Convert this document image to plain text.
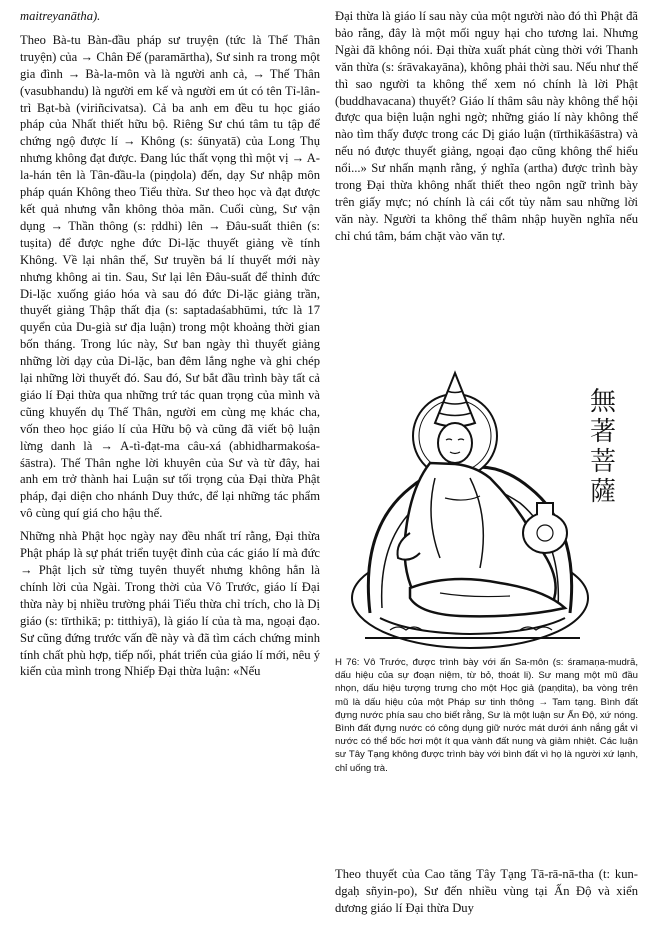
maitreyanātha).

Theo Bà-tu Bàn-đầu pháp sư truyện (tức là Thế Thân truyện) của → Chân Đế (paramārtha), Sư sinh ra trong một gia đình → Bà-la-môn và là người anh cả, → Thế Thân (vasubhandu) là người em kế và người em út có tên Tỉ-lân-trì Bạt-bà (viriñcivatsa). Cả ba anh em đều tu học giáo pháp của Nhất thiết hữu bộ. Riêng Sư chú tâm tu tập để chứng ngộ được lí → Không (s: śūnyatā) của Long Thụ nhưng không đạt được. Đang lúc thất vọng thì một vị → A-la-hán tên là Tân-đầu-la (piṇḍola) đến, dạy Sư nhập môn pháp quán Không theo Tiểu thừa. Sư theo học và đạt được kết quả nhưng vẫn không thỏa mãn. Cuối cùng, Sư vận dụng → Thần thông (s: ṛddhi) lên → Đâu-suất thiên (s: tuṣita) để được nghe đức Di-lặc thuyết giảng về tính Không. Về lại nhân thế, Sư truyền bá lí thuyết mới này nhưng không ai tin. Sau, Sư lại lên Đâu-suất để thỉnh đức Di-lặc xuống giáo hóa và sau đó đức Di-lặc giảng trần, thuyết giảng Thập thất địa (s: saptadaśabhūmi, tức là 17 quyển của Du-già sư địa luận) trong một khoảng thời gian bốn tháng. Trong lúc này, Sư ban ngày thì thuyết giảng những lời dạy của Di-lặc, ban đêm lắng nghe và ghi chép lại những lời thuyết đó. Sau đó, Sư bắt đầu trình bày tất cả giáo lí Đại thừa qua những trứ tác quan trọng của mình và cũng khuyến dụ Thế Thân, người em cùng mẹ khác cha, vốn theo học giáo lí của Hữu bộ và cũng đã viết bộ luận lừng danh là → A-tì-đạt-ma câu-xá (abhidharmakośa-śāstra). Thế Thân nghe lời khuyên của Sư và từ đây, hai anh em trở thành hai Luận sư tối trọng của Đại thừa Phật pháp, đại diện cho nhánh Duy thức, để lại những tác phẩm vô cùng quí giá cho hậu thế.

Những nhà Phật học ngày nay đều nhất trí rằng, Đại thừa Phật pháp là sự phát triển tuyệt đỉnh của các giáo lí mà đức → Phật lịch sử từng tuyên thuyết nhưng không hẳn là chính lời của Ngài. Trong thời của Vô Trước, giáo lí Đại thừa này bị nhiều trường phái Tiểu thừa chỉ trích, cho là Dị giáo (s: tīrthikā; p: titthiyā), là giáo lí của tà ma, ngoại đạo. Sư cũng đứng trước vấn đề này và đã tìm cách chứng minh tính chất phù hợp, tiếp nối, phát triển của giáo lí mới, nêu ý kiến của mình trong Nhiếp Đại thừa luận: «Nếu

Đại thừa là giáo lí sau này của một người nào đó thì Phật đã bảo rằng, đây là một mối nguy hại cho tương lai. Nhưng Ngài đã không nói. Đại thừa xuất phát cùng thời với Thanh văn thừa (s: śrāvakayāna), không phải thời sau. Nếu như thế thì sao người ta không thể xem nó chính là lời Phật (buddhavacana) thuyết? Giáo lí thâm sâu này không thể hội được qua biện luận nghi ngờ; những giáo lí này không thể nào tìm thấy được trong các Dị giáo luận (tīrthikāśāstra) và nếu nó được thuyết giảng, ngoại đạo cũng không thể hiểu nổi...» Sư nhấn mạnh rằng, ý nghĩa (artha) được trình bày trong Đại thừa không nhất thiết theo ngôn ngữ trình bày trên giấy mực; nó chính là cái cốt tủy nằm sau những lời văn này. Người ta không thể thâm nhập huyền nghĩa nếu chỉ chú tâm, bám chặt vào văn tự.

無
著
菩
薩

H 76: Vô Trước, được trình bày với ấn Sa-môn (s: śramaṇa-mudrā, dấu hiệu của sự đoạn niệm, từ bỏ, thoát li). Sư mang một mũ đầu nhọn, dấu hiệu tượng trưng cho một Học giả (paṇḍita), ba vòng trên mũ là dấu hiệu của một Pháp sư tinh thông → Tam tạng. Bình đất đựng nước phía sau cho biết rằng, Sư là một luận sư Ấn Độ, xứ nóng. Bình đất đựng nước có công dụng giữ nước mát dưới ánh nắng gắt vì nước có thể bốc hơi một ít qua vành đất nung và giảm nhiệt. Các luận sư Tây Tạng không được trình bày với bình đất vì họ là người xứ lạnh, chỉ uống trà.

Theo thuyết của Cao tăng Tây Tạng Tā-rā-nā-tha (t: kun-dgaḥ sñyin-po), Sư đến nhiều vùng tại Ấn Độ và xiển dương giáo lí Đại thừa Duy
